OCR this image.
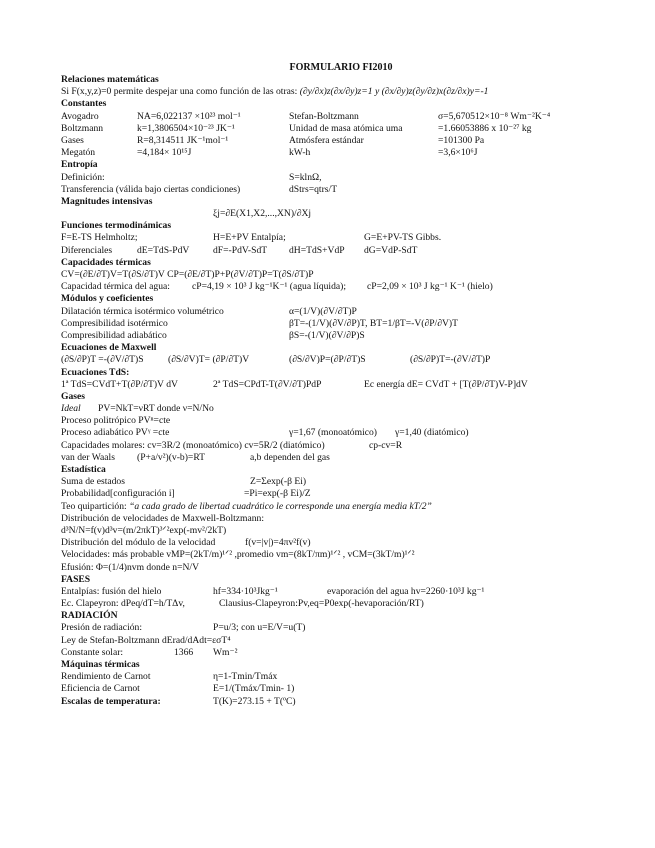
FORMULARIO FI2010
Relaciones matemáticas
Si F(x,y,z)=0 permite despejar una como función de las otras: (∂y/∂x)z(∂x/∂y)z=1 y (∂x/∂y)z(∂y/∂z)x(∂z/∂x)y=-1
Constantes
Avogadro	NA=6,022137 ×10²³ mol⁻¹	Stefan-Boltzmann	σ=5,670512×10⁻⁸ Wm⁻²K⁻⁴
Boltzmann	k=1,3806504×10⁻²³ JK⁻¹	Unidad de masa atómica uma	=1.66053886 x 10⁻²⁷ kg
Gases	R=8,314511 JK⁻¹mol⁻¹	Atmósfera estándar	=101300 Pa
Megatón	=4,184× 10¹⁵J	kW-h	=3,6×10⁶J
Entropía
Definición:	S=klnΩ,
Transferencia (válida bajo ciertas condiciones)	dStrs=qtrs/T
Magnitudes intensivas
ξj=∂E(X1,X2,...,XN)/∂Xj
Funciones termodinámicas
F=E-TS Helmholtz;	H=E+PV Entalpía;	G=E+PV-TS Gibbs.
Diferenciales	dE=TdS-PdV dF=-PdV-SdT dH=TdS+VdP dG=VdP-SdT
Capacidades térmicas
CV=(∂E/∂T)V=T(∂S/∂T)V CP=(∂E/∂T)P+P(∂V/∂T)P=T(∂S/∂T)P
Capacidad térmica del agua: cP=4,19 × 10³ J kg⁻¹K⁻¹ (agua líquida); cP=2,09 × 10³ J kg⁻¹ K⁻¹ (hielo)
Módulos y coeficientes
Dilatación térmica isotérmico volumétrico	α=(1/V)(∂V/∂T)P
Compresibilidad isotérmico	βT=-(1/V)(∂V/∂P)T, BT=1/βT=-V(∂P/∂V)T
Compresibilidad adiabático	βS=-(1/V)(∂V/∂P)S
Ecuaciones de Maxwell
(∂S/∂P)T =-(∂V/∂T)S	(∂S/∂V)T= (∂P/∂T)V	(∂S/∂V)P=(∂P/∂T)S	(∂S/∂P)T=-(∂V/∂T)P
Ecuaciones TdS:
1ª TdS=CVdT+T(∂P/∂T)V dV	2ª TdS=CPdT-T(∂V/∂T)PdP	Ec energía dE= CVdT + [T(∂P/∂T)V-P]dV
Gases
Ideal PV=NkT=νRT donde ν=N/No
Proceso politrópico PVⁿ=cte
Proceso adiabático PVᵞ =cte	γ=1,67 (monoatómico) γ=1,40 (diatómico)
Capacidades molares: cv=3R/2 (monoatómico) cv=5R/2 (diatómico)	cp-cv=R
van der Waals (P+a/v²)(v-b)=RT	a,b dependen del gas
Estadística
Suma de estados	Z=Σexp(-β Ei)
Probabilidad[configuración i]	=Pi=exp(-β Ei)/Z
Teo quipartición: “a cada grado de libertad cuadrático le corresponde una energía media kT/2”
Distribución de velocidades de Maxwell-Boltzmann:
d³N/N=f(v)d³v=(m/2πkT)³ᐟ²exp(-mv²/2kT)
Distribución del módulo de la velocidad	f(v=|v|)=4πv²f(v)
Velocidades: más probable vMP=(2kT/m)¹ᐟ² ,promedio vm=(8kT/πm)¹ᐟ² , vCM=(3kT/m)¹ᐟ²
Efusión: Φ=(1/4)nvm donde n=N/V
FASES
Entalpías: fusión del hielo	hf=334·10³Jkg⁻¹	evaporación del agua hv=2260·10³J kg⁻¹
Ec. Clapeyron: dPeq/dT=h/TΔv,	Clausius-Clapeyron:Pv,eq=P0exp(-hevaporación/RT)
RADIACIÓN
Presión de radiación:	P=u/3; con u=E/V=u(T)
Ley de Stefan-Boltzmann dErad/dAdt=εσT⁴
Constante solar:	1366 Wm⁻²
Máquinas térmicas
Rendimiento de Carnot	η=1-Tmin/Tmáx
Eficiencia de Carnot	E=1/(Tmáx/Tmin- 1)
Escalas de temperatura:	T(K)=273.15 + T(ºC)
